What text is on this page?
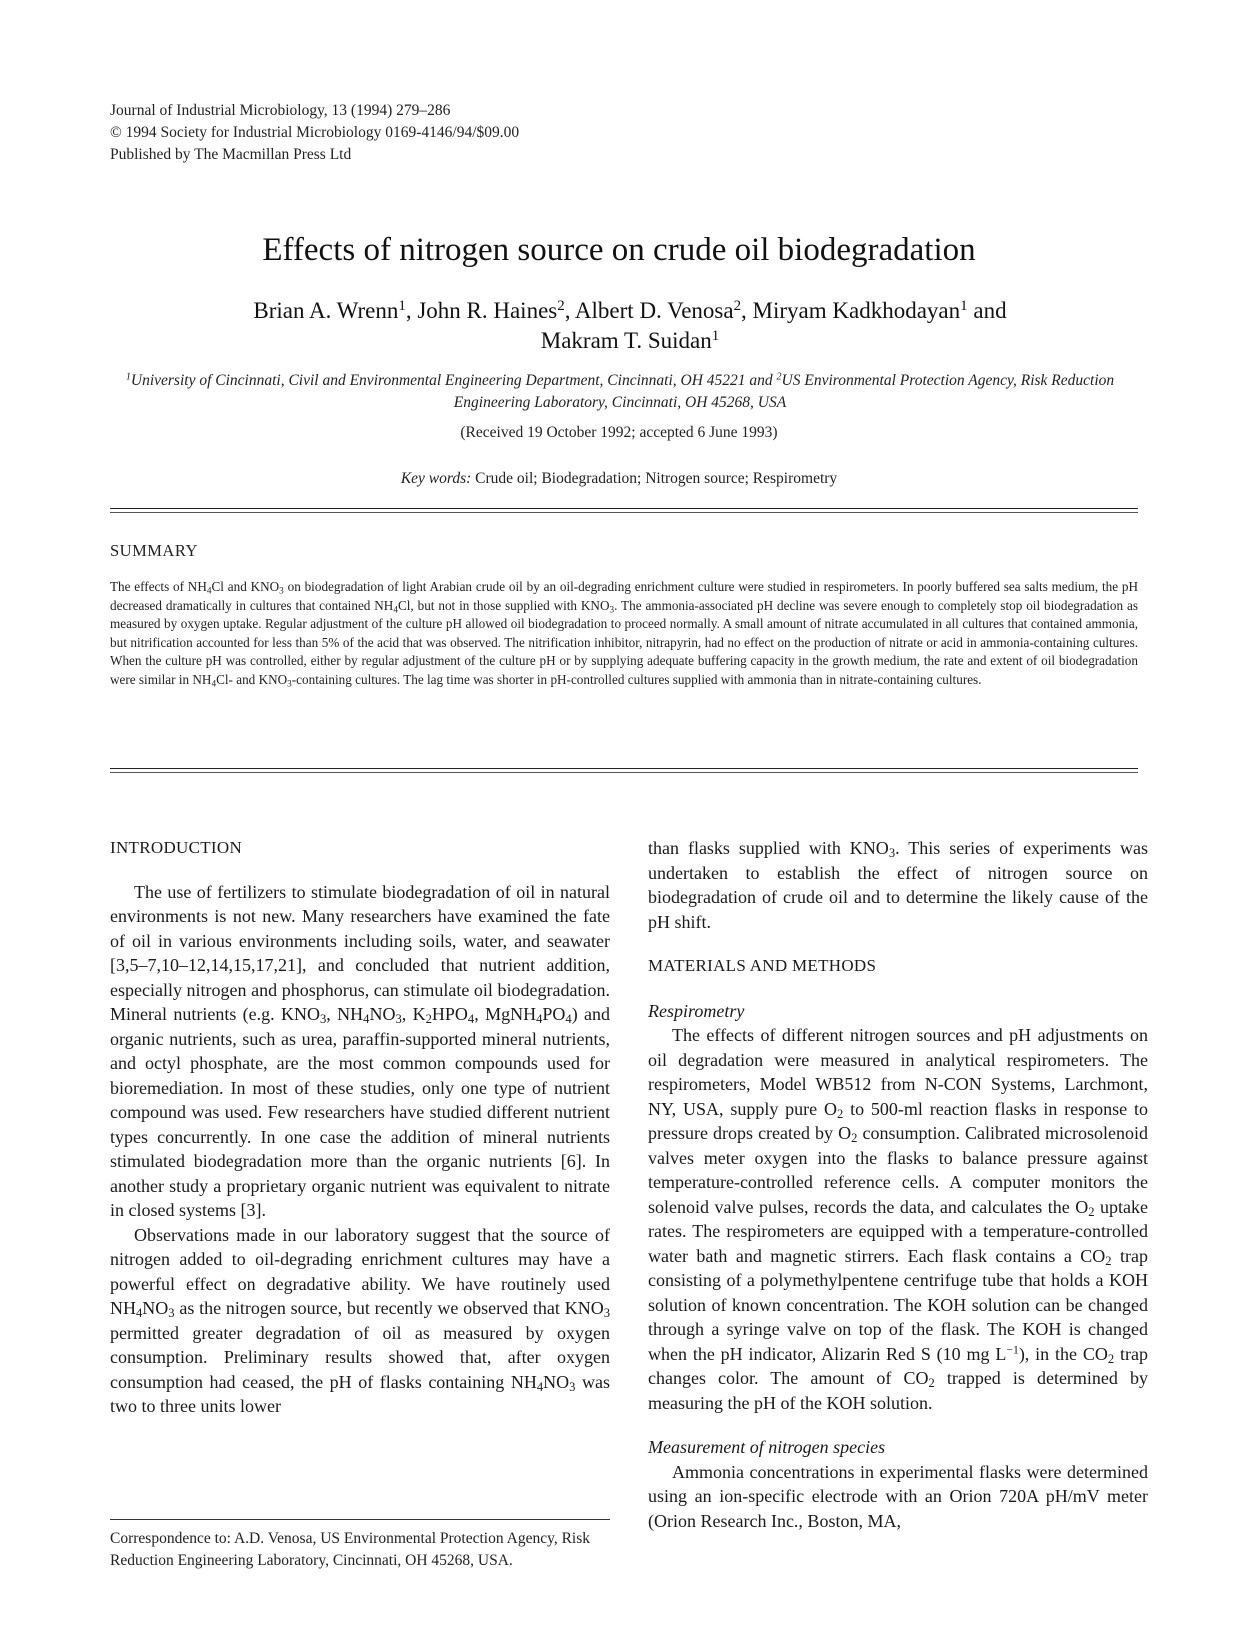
Journal of Industrial Microbiology, 13 (1994) 279–286
© 1994 Society for Industrial Microbiology 0169-4146/94/$09.00
Published by The Macmillan Press Ltd
Effects of nitrogen source on crude oil biodegradation
Brian A. Wrenn$^1$, John R. Haines$^2$, Albert D. Venosa$^2$, Miryam Kadkhodayan$^1$ and
Makram T. Suidan$^1$
$^1$University of Cincinnati, Civil and Environmental Engineering Department, Cincinnati, OH 45221 and $^2$US Environmental Protection Agency, Risk Reduction Engineering Laboratory, Cincinnati, OH 45268, USA
(Received 19 October 1992; accepted 6 June 1993)
Key words: Crude oil; Biodegradation; Nitrogen source; Respirometry
SUMMARY
The effects of $NH_4Cl$ and $KNO_3$ on biodegradation of light Arabian crude oil by an oil-degrading enrichment culture were studied in respirometers. In poorly buffered sea salts medium, the pH decreased dramatically in cultures that contained $NH_4Cl$, but not in those supplied with $KNO_3$. The ammonia-associated pH decline was severe enough to completely stop oil biodegradation as measured by oxygen uptake. Regular adjustment of the culture pH allowed oil biodegradation to proceed normally. A small amount of nitrate accumulated in all cultures that contained ammonia, but nitrification accounted for less than 5% of the acid that was observed. The nitrification inhibitor, nitrapyrin, had no effect on the production of nitrate or acid in ammonia-containing cultures. When the culture pH was controlled, either by regular adjustment of the culture pH or by supplying adequate buffering capacity in the growth medium, the rate and extent of oil biodegradation were similar in $NH_4Cl-$ and $KNO_3$-containing cultures. The lag time was shorter in pH-controlled cultures supplied with ammonia than in nitrate-containing cultures.

INTRODUCTION

The use of fertilizers to stimulate biodegradation of oil in natural environments is not new. Many researchers have examined the fate of oil in various environments including soils, water, and seawater [3,5–7,10–12,14,15,17,21], and concluded that nutrient addition, especially nitrogen and phosphorus, can stimulate oil biodegradation. Mineral nutrients (e.g. $KNO_3$, $NH_4NO_3$, $K_2HPO_4$, $MgNH_4PO_4$) and organic nutrients, such as urea, paraffin-supported mineral nutrients, and octyl phosphate, are the most common compounds used for bioremediation. In most of these studies, only one type of nutrient compound was used. Few researchers have studied different nutrient types concurrently. In one case the addition of mineral nutrients stimulated biodegradation more than the organic nutrients [6]. In another study a proprietary organic nutrient was equivalent to nitrate in closed systems [3].

Observations made in our laboratory suggest that the source of nitrogen added to oil-degrading enrichment cultures may have a powerful effect on degradative ability. We have routinely used $NH_4NO_3$ as the nitrogen source, but recently we observed that $KNO_3$ permitted greater degradation of oil as measured by oxygen consumption. Preliminary results showed that, after oxygen consumption had ceased, the pH of flasks containing $NH_4NO_3$ was two to three units lower

than flasks supplied with $KNO_3$. This series of experiments was undertaken to establish the effect of nitrogen source on biodegradation of crude oil and to determine the likely cause of the pH shift.

MATERIALS AND METHODS

Respirometry

The effects of different nitrogen sources and pH adjustments on oil degradation were measured in analytical respirometers. The respirometers, Model WB512 from N-CON Systems, Larchmont, NY, USA, supply pure $O_2$ to 500-ml reaction flasks in response to pressure drops created by $O_2$ consumption. Calibrated microsolenoid valves meter oxygen into the flasks to balance pressure against temperature-controlled reference cells. A computer monitors the solenoid valve pulses, records the data, and calculates the $O_2$ uptake rates. The respirometers are equipped with a temperature-controlled water bath and magnetic stirrers. Each flask contains a $CO_2$ trap consisting of a polymethylpentene centrifuge tube that holds a KOH solution of known concentration. The KOH solution can be changed through a syringe valve on top of the flask. The KOH is changed when the pH indicator, Alizarin Red S (10 mg $L^{-1}$), in the $CO_2$ trap changes color. The amount of $CO_2$ trapped is determined by measuring the pH of the KOH solution.

Measurement of nitrogen species

Ammonia concentrations in experimental flasks were determined using an ion-specific electrode with an Orion 720A pH/mV meter (Orion Research Inc., Boston, MA,

Correspondence to: A.D. Venosa, US Environmental Protection Agency, Risk Reduction Engineering Laboratory, Cincinnati, OH 45268, USA.
